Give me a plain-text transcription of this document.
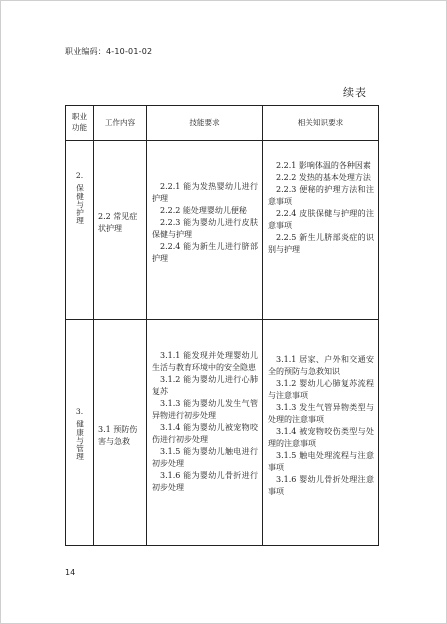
职业编码：4-10-01-02
续表
职业
功能
工作内容	技能要求	相关知识要求
2.
保健与护理 2.2 常见症状护理
2.2.1 能为发热婴幼儿进行护理
2.2.2 能处理婴幼儿便秘
2.2.3 能为婴幼儿进行皮肤保健与护理
2.2.4 能为新生儿进行脐部护理
2.2.1 影响体温的各种因素
2.2.2 发热的基本处理方法
2.2.3 便秘的护理方法和注意事项
2.2.4 皮肤保健与护理的注意事项
2.2.5 新生儿脐部炎症的识别与护理
3.
健康与管理 3.1 预防伤害与急救
3.1.1 能发现并处理婴幼儿生活与教育环境中的安全隐患
3.1.2 能为婴幼儿进行心肺复苏
3.1.3 能为婴幼儿发生气管异物进行初步处理
3.1.4 能为婴幼儿被宠物咬伤进行初步处理
3.1.5 能为婴幼儿触电进行初步处理
3.1.6 能为婴幼儿骨折进行初步处理
3.1.1 居家、户外和交通安全的预防与急救知识
3.1.2 婴幼儿心肺复苏流程与注意事项
3.1.3 发生气管异物类型与处理的注意事项
3.1.4 被宠物咬伤类型与处理的注意事项
3.1.5 触电处理流程与注意事项
3.1.6 婴幼儿骨折处理注意事项
14
